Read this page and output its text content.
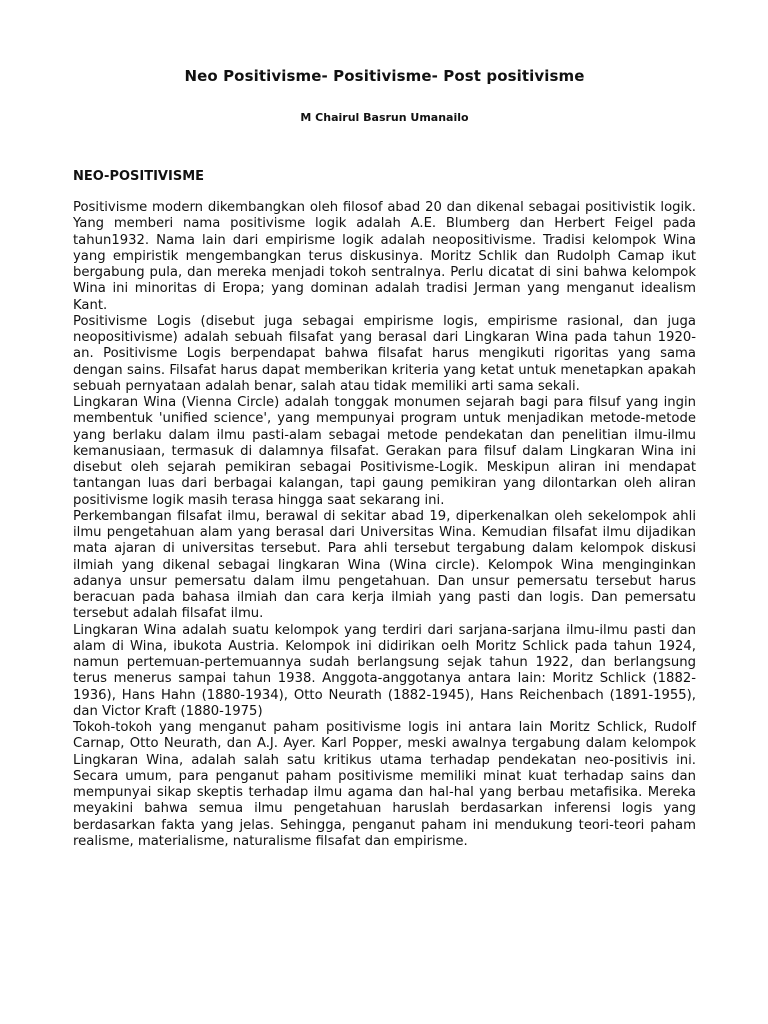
Neo Positivisme- Positivisme- Post positivisme
M Chairul Basrun Umanailo
NEO-POSITIVISME

Positivisme modern dikembangkan oleh filosof abad 20 dan dikenal sebagai positivistik logik. Yang memberi nama positivisme logik adalah A.E. Blumberg dan Herbert Feigel pada tahun1932. Nama lain dari empirisme logik adalah neopositivisme. Tradisi kelompok Wina yang empiristik mengembangkan terus diskusinya. Moritz Schlik dan Rudolph Camap ikut bergabung pula, dan mereka menjadi tokoh sentralnya. Perlu dicatat di sini bahwa kelompok Wina ini minoritas di Eropa; yang dominan adalah tradisi Jerman yang menganut idealism Kant.

Positivisme Logis (disebut juga sebagai empirisme logis, empirisme rasional, dan juga neopositivisme) adalah sebuah filsafat yang berasal dari Lingkaran Wina pada tahun 1920-an. Positivisme Logis berpendapat bahwa filsafat harus mengikuti rigoritas yang sama dengan sains. Filsafat harus dapat memberikan kriteria yang ketat untuk menetapkan apakah sebuah pernyataan adalah benar, salah atau tidak memiliki arti sama sekali.

Lingkaran Wina (Vienna Circle) adalah tonggak monumen sejarah bagi para filsuf yang ingin membentuk 'unified science', yang mempunyai program untuk menjadikan metode-metode yang berlaku dalam ilmu pasti-alam sebagai metode pendekatan dan penelitian ilmu-ilmu kemanusiaan, termasuk di dalamnya filsafat. Gerakan para filsuf dalam Lingkaran Wina ini disebut oleh sejarah pemikiran sebagai Positivisme-Logik. Meskipun aliran ini mendapat tantangan luas dari berbagai kalangan, tapi gaung pemikiran yang dilontarkan oleh aliran positivisme logik masih terasa hingga saat sekarang ini.

Perkembangan filsafat ilmu, berawal di sekitar abad 19, diperkenalkan oleh sekelompok ahli ilmu pengetahuan alam yang berasal dari Universitas Wina. Kemudian filsafat ilmu dijadikan mata ajaran di universitas tersebut. Para ahli tersebut tergabung dalam kelompok diskusi ilmiah yang dikenal sebagai lingkaran Wina (Wina circle). Kelompok Wina menginginkan adanya unsur pemersatu dalam ilmu pengetahuan. Dan unsur pemersatu tersebut harus beracuan pada bahasa ilmiah dan cara kerja ilmiah yang pasti dan logis. Dan pemersatu tersebut adalah filsafat ilmu.

Lingkaran Wina adalah suatu kelompok yang terdiri dari sarjana-sarjana ilmu-ilmu pasti dan alam di Wina, ibukota Austria. Kelompok ini didirikan oelh Moritz Schlick pada tahun 1924, namun pertemuan-pertemuannya sudah berlangsung sejak tahun 1922, dan berlangsung terus menerus sampai tahun 1938. Anggota-anggotanya antara lain: Moritz Schlick (1882-1936), Hans Hahn (1880-1934), Otto Neurath (1882-1945), Hans Reichenbach (1891-1955), dan Victor Kraft (1880-1975)

Tokoh-tokoh yang menganut paham positivisme logis ini antara lain Moritz Schlick, Rudolf Carnap, Otto Neurath, dan A.J. Ayer. Karl Popper, meski awalnya tergabung dalam kelompok Lingkaran Wina, adalah salah satu kritikus utama terhadap pendekatan neo-positivis ini. Secara umum, para penganut paham positivisme memiliki minat kuat terhadap sains dan mempunyai sikap skeptis terhadap ilmu agama dan hal-hal yang berbau metafisika. Mereka meyakini bahwa semua ilmu pengetahuan haruslah berdasarkan inferensi logis yang berdasarkan fakta yang jelas. Sehingga, penganut paham ini mendukung teori-teori paham realisme, materialisme, naturalisme filsafat dan empirisme.
